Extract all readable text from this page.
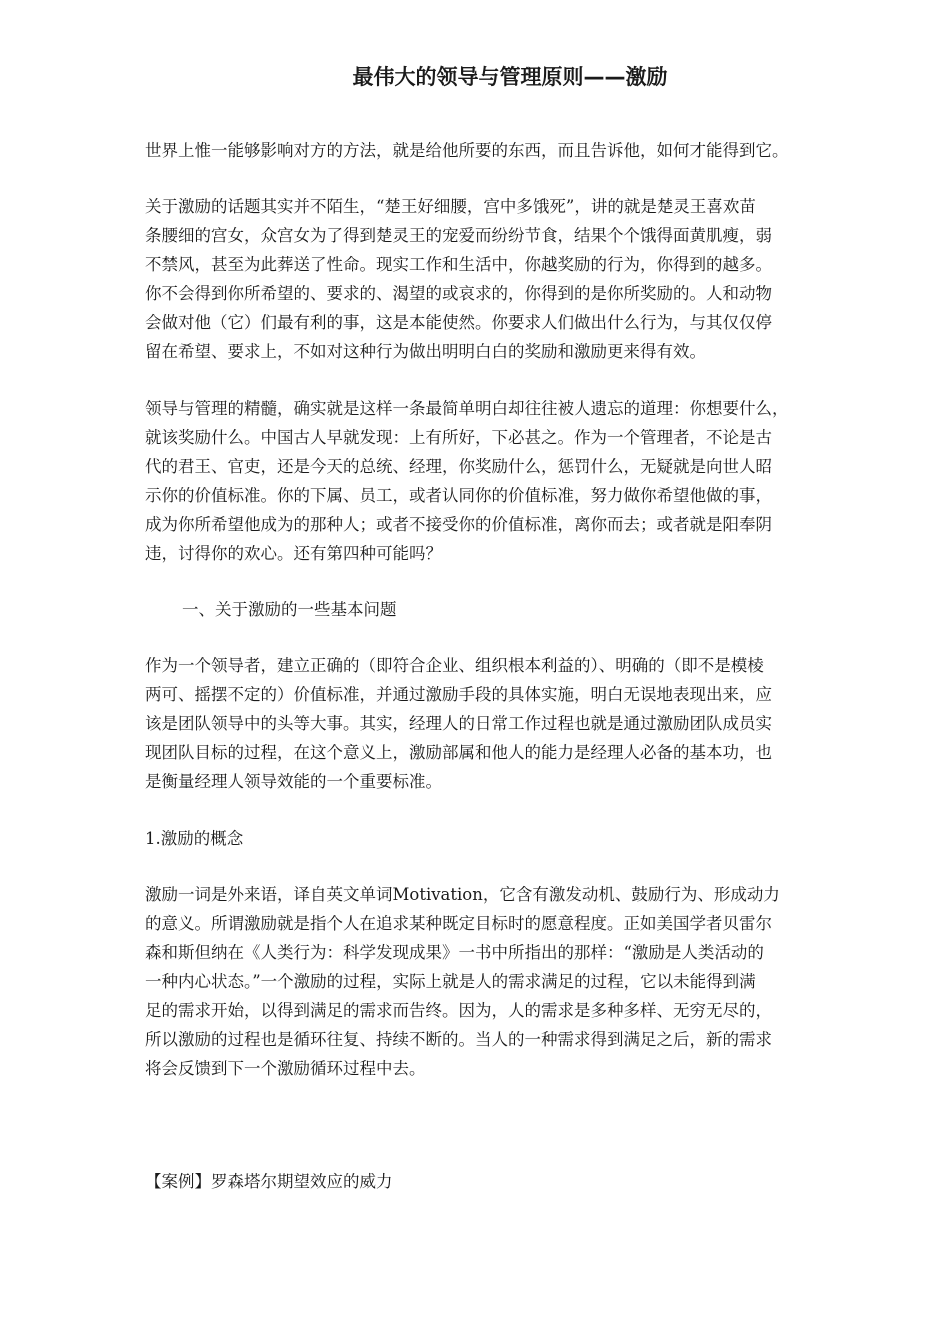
最伟大的领导与管理原则——激励

世界上惟一能够影响对方的方法，就是给他所要的东西，而且告诉他，如何才能得到它。

关于激励的话题其实并不陌生，“楚王好细腰，宫中多饿死”，讲的就是楚灵王喜欢苗
条腰细的宫女，众宫女为了得到楚灵王的宠爱而纷纷节食，结果个个饿得面黄肌瘦，弱
不禁风，甚至为此葬送了性命。现实工作和生活中，你越奖励的行为，你得到的越多。
你不会得到你所希望的、要求的、渴望的或哀求的，你得到的是你所奖励的。人和动物
会做对他（它）们最有利的事，这是本能使然。你要求人们做出什么行为，与其仅仅停
留在希望、要求上，不如对这种行为做出明明白白的奖励和激励更来得有效。

领导与管理的精髓，确实就是这样一条最简单明白却往往被人遗忘的道理：你想要什么，
就该奖励什么。中国古人早就发现：上有所好，下必甚之。作为一个管理者，不论是古
代的君王、官吏，还是今天的总统、经理，你奖励什么，惩罚什么，无疑就是向世人昭
示你的价值标准。你的下属、员工，或者认同你的价值标准，努力做你希望他做的事，
成为你所希望他成为的那种人；或者不接受你的价值标准，离你而去；或者就是阳奉阴
违，讨得你的欢心。还有第四种可能吗？

一、关于激励的一些基本问题

作为一个领导者，建立正确的（即符合企业、组织根本利益的）、明确的（即不是模棱
两可、摇摆不定的）价值标准，并通过激励手段的具体实施，明白无误地表现出来，应
该是团队领导中的头等大事。其实，经理人的日常工作过程也就是通过激励团队成员实
现团队目标的过程，在这个意义上，激励部属和他人的能力是经理人必备的基本功，也
是衡量经理人领导效能的一个重要标准。

1.激励的概念

激励一词是外来语，译自英文单词Motivation，它含有激发动机、鼓励行为、形成动力
的意义。所谓激励就是指个人在追求某种既定目标时的愿意程度。正如美国学者贝雷尔
森和斯但纳在《人类行为：科学发现成果》一书中所指出的那样：“激励是人类活动的
一种内心状态。”一个激励的过程，实际上就是人的需求满足的过程，它以未能得到满
足的需求开始，以得到满足的需求而告终。因为，人的需求是多种多样、无穷无尽的，
所以激励的过程也是循环往复、持续不断的。当人的一种需求得到满足之后，新的需求
将会反馈到下一个激励循环过程中去。

【案例】罗森塔尔期望效应的威力
